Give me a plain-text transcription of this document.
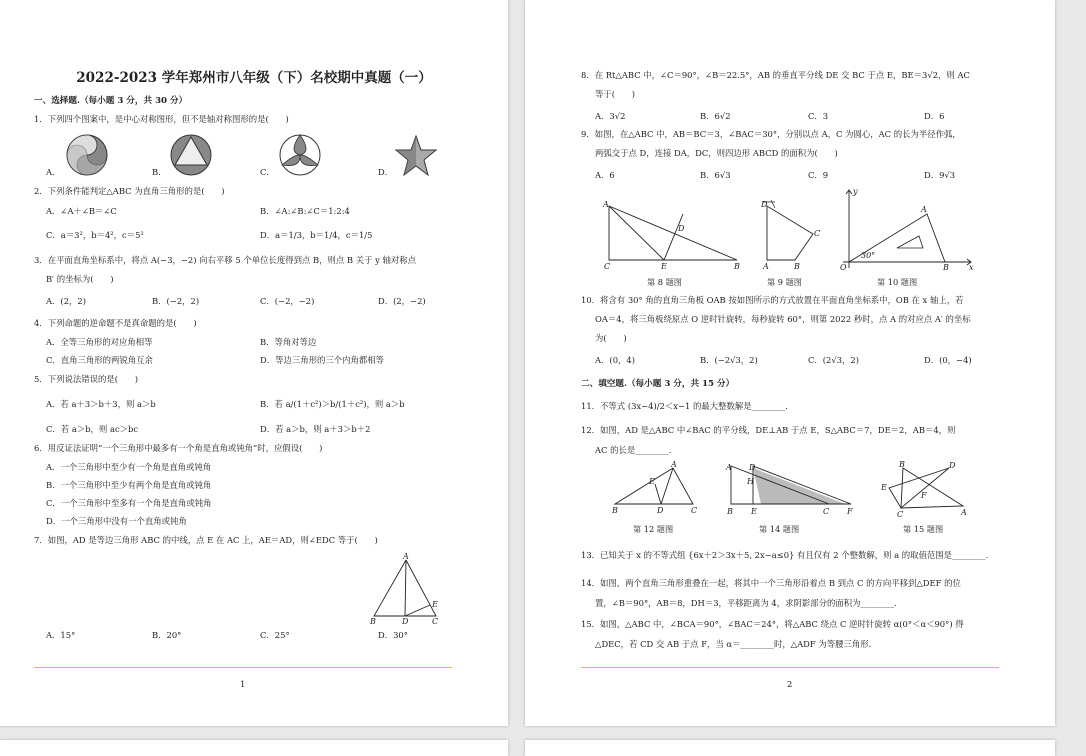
2022-2023 学年郑州市八年级（下）名校期中真题（一）
一、选择题.（每小题 3 分，共 30 分）
1．下列四个图案中，是中心对称图形，但不是轴对称图形的是(　　)
A．	B．	C．	D．
2．下列条件能判定△ABC 为直角三角形的是(　　)
A．∠A＋∠B＝∠C	B．∠A:∠B:∠C＝1:2:4
C．a＝3²，b＝4²，c＝5²	D．a＝1/3，b＝1/4，c＝1/5
3．在平面直角坐标系中，将点 A(−3，−2) 向右平移 5 个单位长度得到点 B，则点 B 关于 y 轴对称点
B′ 的坐标为(　　)
A．(2，2)	B．(−2，2)	C．(−2，−2)	D．(2，−2)
4．下列命题的逆命题不是真命题的是(　　)
A．全等三角形的对应角相等	B．等角对等边
C．直角三角形的两锐角互余	D．等边三角形的三个内角都相等
5．下列说法错误的是(　　)
A．若 a＋3＞b＋3，则 a＞b	B．若 a/(1＋c²)＞b/(1＋c²)，则 a＞b
C．若 a＞b，则 ac＞bc	D．若 a＞b，则 a＋3＞b＋2
6．用反证法证明“一个三角形中最多有一个角是直角或钝角”时，应假设(　　)
A．一个三角形中至少有一个角是直角或钝角
B．一个三角形中至少有两个角是直角或钝角
C．一个三角形中至多有一个角是直角或钝角
D．一个三角形中没有一个直角或钝角
7．如图，AD 是等边三角形 ABC 的中线，点 E 在 AC 上，AE＝AD，则∠EDC 等于(　　)
A
B	D	C
E
A．15°	B．20°	C．25°	D．30°
1
8．在 Rt△ABC 中，∠C＝90°，∠B＝22.5°，AB 的垂直平分线 DE 交 BC 于点 E，BE＝3√2，则 AC
等于(　　)
A．3√2	B．6√2	C．3	D．6
9．如图，在△ABC 中，AB＝BC＝3，∠BAC＝30°，分别以点 A，C 为圆心，AC 的长为半径作弧，
两弧交于点 D，连接 DA，DC，则四边形 ABCD 的面积为(　　)
A．6	B．6√3	C．9	D．9√3
A
C	E	B
D
D
A	B
C
y
x
O
A
B
30°
第 8 题图	第 9 题图	第 10 题图
10．将含有 30° 角的直角三角板 OAB 按如图所示的方式放置在平面直角坐标系中，OB 在 x 轴上，若
OA＝4，将三角板绕原点 O 逆时针旋转，每秒旋转 60°，则第 2022 秒时，点 A 的对应点 A′ 的坐标
为(　　)
A．(0，4)	B．(−2√3，2)	C．(2√3，2)	D．(0，−4)
二、填空题.（每小题 3 分，共 15 分）
11．不等式 (3x−4)/2＜x−1 的最大整数解是________.
12．如图，AD 是△ABC 中∠BAC 的平分线，DE⊥AB 于点 E，S△ABC＝7，DE＝2，AB＝4，则
AC 的长是________.
A
B	D	C
E
A D
H
B E	C F
B	D
E
F
C	A
第 12 题图	第 14 题图	第 15 题图
13．已知关于 x 的不等式组 {6x＋2＞3x＋5, 2x−a≤0} 有且仅有 2 个整数解，则 a 的取值范围是________.
14．如图，两个直角三角形重叠在一起，将其中一个三角形沿着点 B 到点 C 的方向平移到△DEF 的位
置，∠B＝90°，AB＝8，DH＝3，平移距离为 4，求阴影部分的面积为________.
15．如图，△ABC 中，∠BCA＝90°，∠BAC＝24°，将△ABC 绕点 C 逆时针旋转 α(0°＜α＜90°) 得
△DEC，若 CD 交 AB 于点 F，当 α＝________时，△ADF 为等腰三角形.
2
